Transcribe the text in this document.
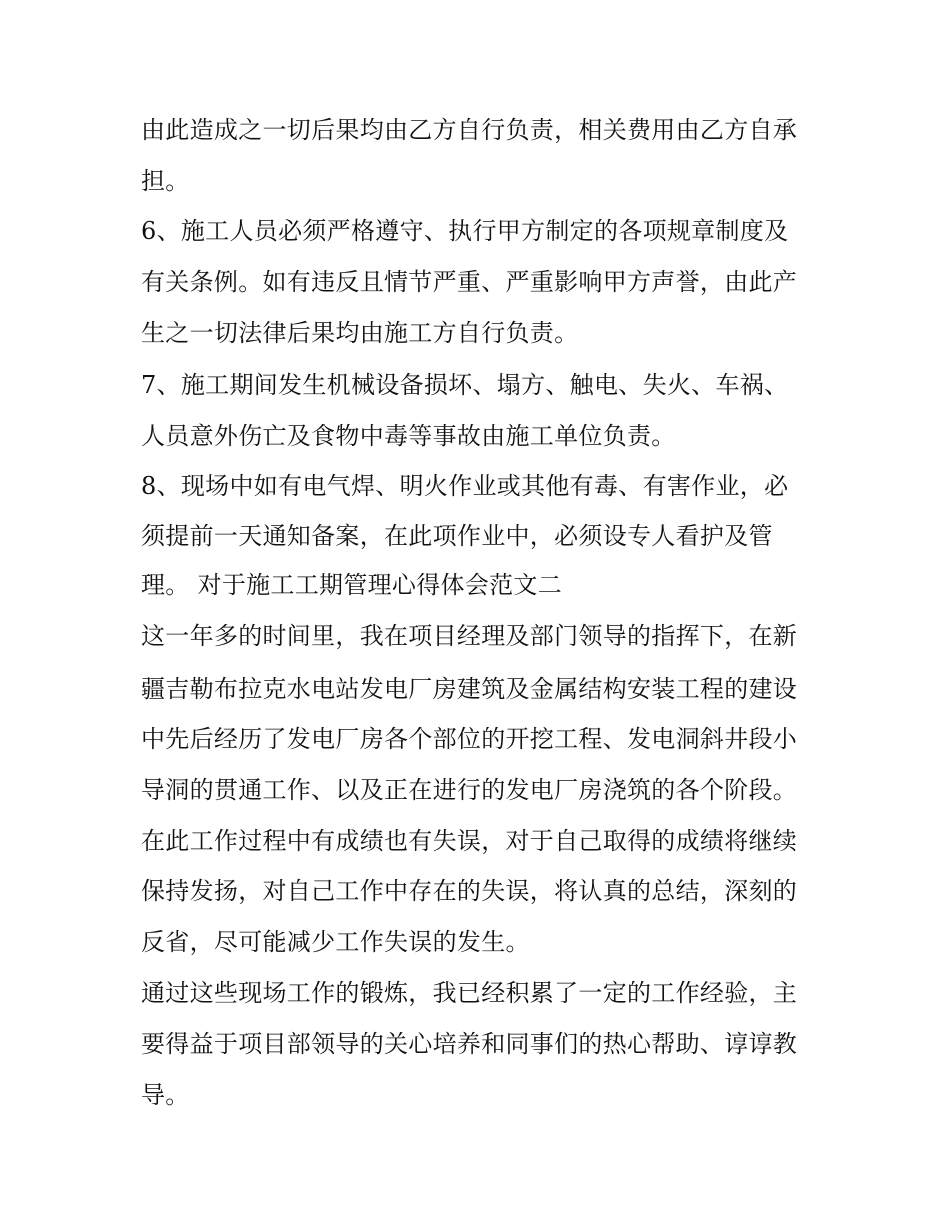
由此造成之一切后果均由乙方自行负责，相关费用由乙方自承
担。
6、施工人员必须严格遵守、执行甲方制定的各项规章制度及
有关条例。如有违反且情节严重、严重影响甲方声誉，由此产
生之一切法律后果均由施工方自行负责。
7、施工期间发生机械设备损坏、塌方、触电、失火、车祸、
人员意外伤亡及食物中毒等事故由施工单位负责。
8、现场中如有电气焊、明火作业或其他有毒、有害作业，必
须提前一天通知备案，在此项作业中，必须设专人看护及管
理。 对于施工工期管理心得体会范文二
这一年多的时间里，我在项目经理及部门领导的指挥下，在新
疆吉勒布拉克水电站发电厂房建筑及金属结构安装工程的建设
中先后经历了发电厂房各个部位的开挖工程、发电洞斜井段小
导洞的贯通工作、以及正在进行的发电厂房浇筑的各个阶段。
在此工作过程中有成绩也有失误，对于自己取得的成绩将继续
保持发扬，对自己工作中存在的失误，将认真的总结，深刻的
反省，尽可能减少工作失误的发生。
通过这些现场工作的锻炼，我已经积累了一定的工作经验，主
要得益于项目部领导的关心培养和同事们的热心帮助、谆谆教
导。
